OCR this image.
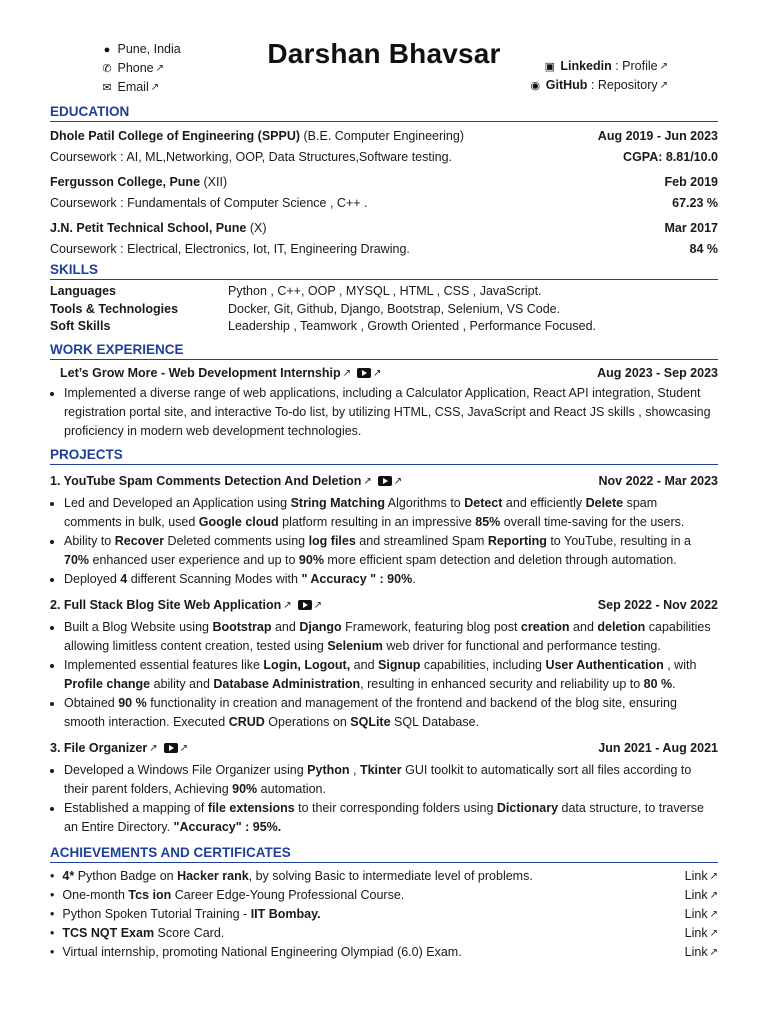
● Pune, India
✆ Phone ↗
✉ Email ↗
Darshan Bhavsar	▣ Linkedin : Profile ↗
◉ GitHub : Repository ↗
EDUCATION
Dhole Patil College of Engineering (SPPU) (B.E. Computer Engineering)	Aug 2019 - Jun 2023
Coursework : AI, ML,Networking, OOP, Data Structures,Software testing.	CGPA: 8.81/10.0
Fergusson College, Pune (XII)	Feb 2019
Coursework : Fundamentals of Computer Science , C++ .	67.23 %
J.N. Petit Technical School, Pune (X)	Mar 2017
Coursework : Electrical, Electronics, Iot, IT, Engineering Drawing.	84 %
SKILLS
Languages	Python , C++, OOP , MYSQL , HTML , CSS , JavaScript.
Tools & Technologies	Docker, Git, Github, Django, Bootstrap, Selenium, VS Code.
Soft Skills	Leadership , Teamwork , Growth Oriented , Performance Focused.
WORK EXPERIENCE
Let’s Grow More - Web Development Internship ↗ ↗	Aug 2023 - Sep 2023
• Implemented a diverse range of web applications, including a Calculator Application, React API integration, Student registration portal site, and interactive To-do list, by utilizing HTML, CSS, JavaScript and React JS skills , showcasing proficiency in modern web development technologies.
PROJECTS
1. YouTube Spam Comments Detection And Deletion ↗ ↗	Nov 2022 - Mar 2023
• Led and Developed an Application using String Matching Algorithms to Detect and efficiently Delete spam comments in bulk, used Google cloud platform resulting in an impressive 85% overall time-saving for the users.
• Ability to Recover Deleted comments using log files and streamlined Spam Reporting to YouTube, resulting in a 70% enhanced user experience and up to 90% more efficient spam detection and deletion through automation.
• Deployed 4 different Scanning Modes with " Accuracy " : 90%.
2. Full Stack Blog Site Web Application ↗ ↗	Sep 2022 - Nov 2022
• Built a Blog Website using Bootstrap and Django Framework, featuring blog post creation and deletion capabilities allowing limitless content creation, tested using Selenium web driver for functional and performance testing.
• Implemented essential features like Login, Logout, and Signup capabilities, including User Authentication , with Profile change ability and Database Administration, resulting in enhanced security and reliability up to 80 %.
• Obtained 90 % functionality in creation and management of the frontend and backend of the blog site, ensuring smooth interaction. Executed CRUD Operations on SQLite SQL Database.
3. File Organizer ↗ ↗	Jun 2021 - Aug 2021
• Developed a Windows File Organizer using Python , Tkinter GUI toolkit to automatically sort all files according to their parent folders, Achieving 90% automation.
• Established a mapping of file extensions to their corresponding folders using Dictionary data structure, to traverse an Entire Directory. "Accuracy" : 95%.
ACHIEVEMENTS AND CERTIFICATES
• 4* Python Badge on Hacker rank, by solving Basic to intermediate level of problems.	Link ↗
• One-month Tcs ion Career Edge-Young Professional Course.	Link ↗
• Python Spoken Tutorial Training - IIT Bombay.	Link ↗
• TCS NQT Exam Score Card.	Link ↗
• Virtual internship, promoting National Engineering Olympiad (6.0) Exam.	Link ↗
